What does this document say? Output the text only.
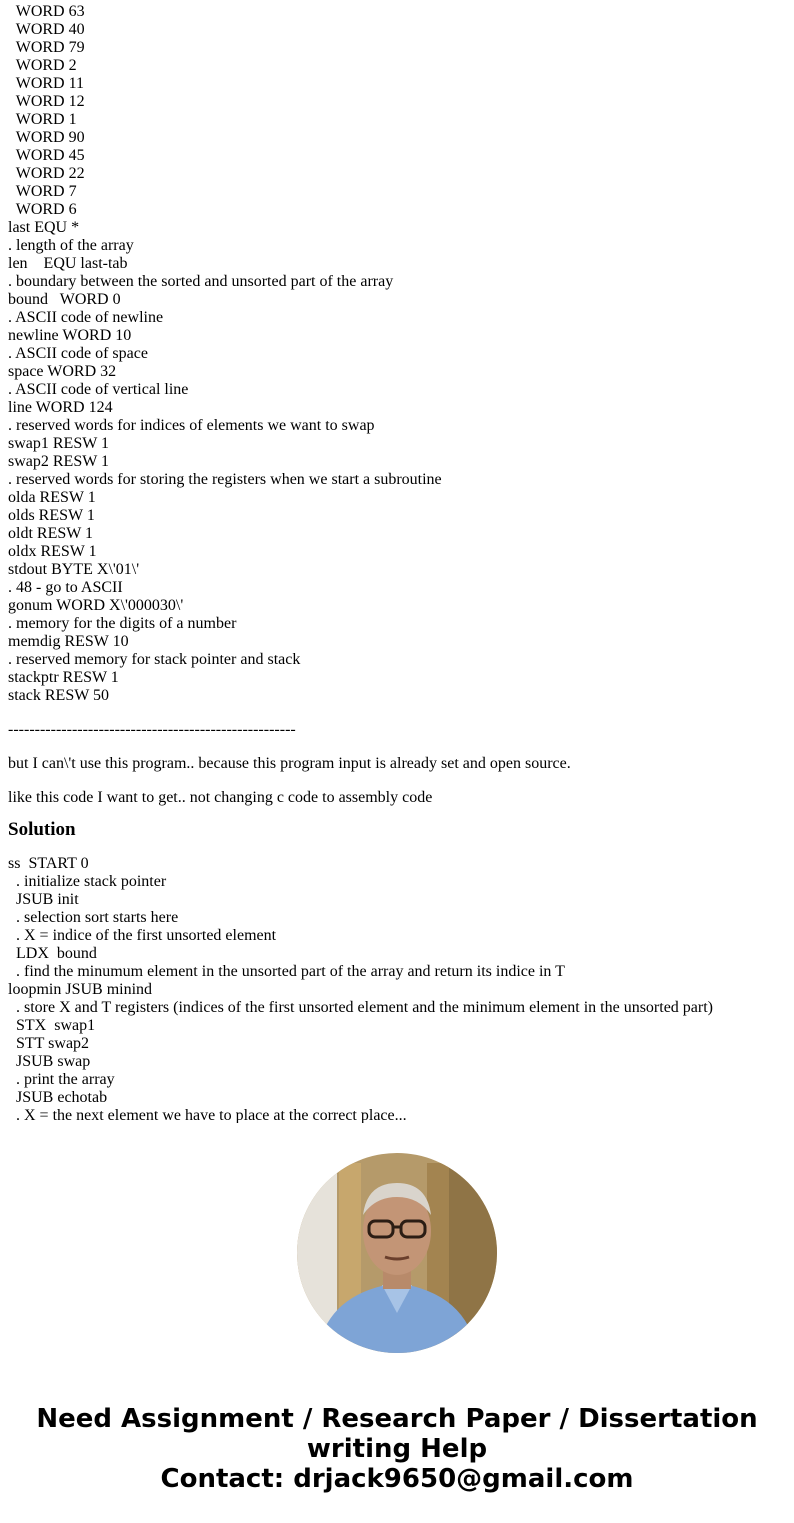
WORD 63
WORD 40
WORD 79
WORD 2
WORD 11
WORD 12
WORD 1
WORD 90
WORD 45
WORD 22
WORD 7
WORD 6
last EQU *
. length of the array
len    EQU last-tab
. boundary between the sorted and unsorted part of the array
bound   WORD 0
. ASCII code of newline
newline WORD 10
. ASCII code of space
space WORD 32
. ASCII code of vertical line
line WORD 124
. reserved words for indices of elements we want to swap
swap1 RESW 1
swap2 RESW 1
. reserved words for storing the registers when we start a subroutine
olda RESW 1
olds RESW 1
oldt RESW 1
oldx RESW 1
stdout BYTE X\'01\'
. 48 - go to ASCII
gonum WORD X\'000030\'
. memory for the digits of a number
memdig RESW 10
. reserved memory for stack pointer and stack
stackptr RESW 1
stack RESW 50
------------------------------------------------------
but I can\'t use this program.. because this program input is already set and open source.
like this code I want to get.. not changing c code to assembly code
Solution
ss  START 0
. initialize stack pointer
JSUB init
. selection sort starts here
. X = indice of the first unsorted element
LDX  bound
. find the minumum element in the unsorted part of the array and return its indice in T
loopmin JSUB minind
. store X and T registers (indices of the first unsorted element and the minimum element in the unsorted part)
STX  swap1
STT swap2
JSUB swap
. print the array
JSUB echotab
. X = the next element we have to place at the correct place...
Need Assignment / Research Paper / Dissertation
writing Help
Contact: drjack9650@gmail.com
